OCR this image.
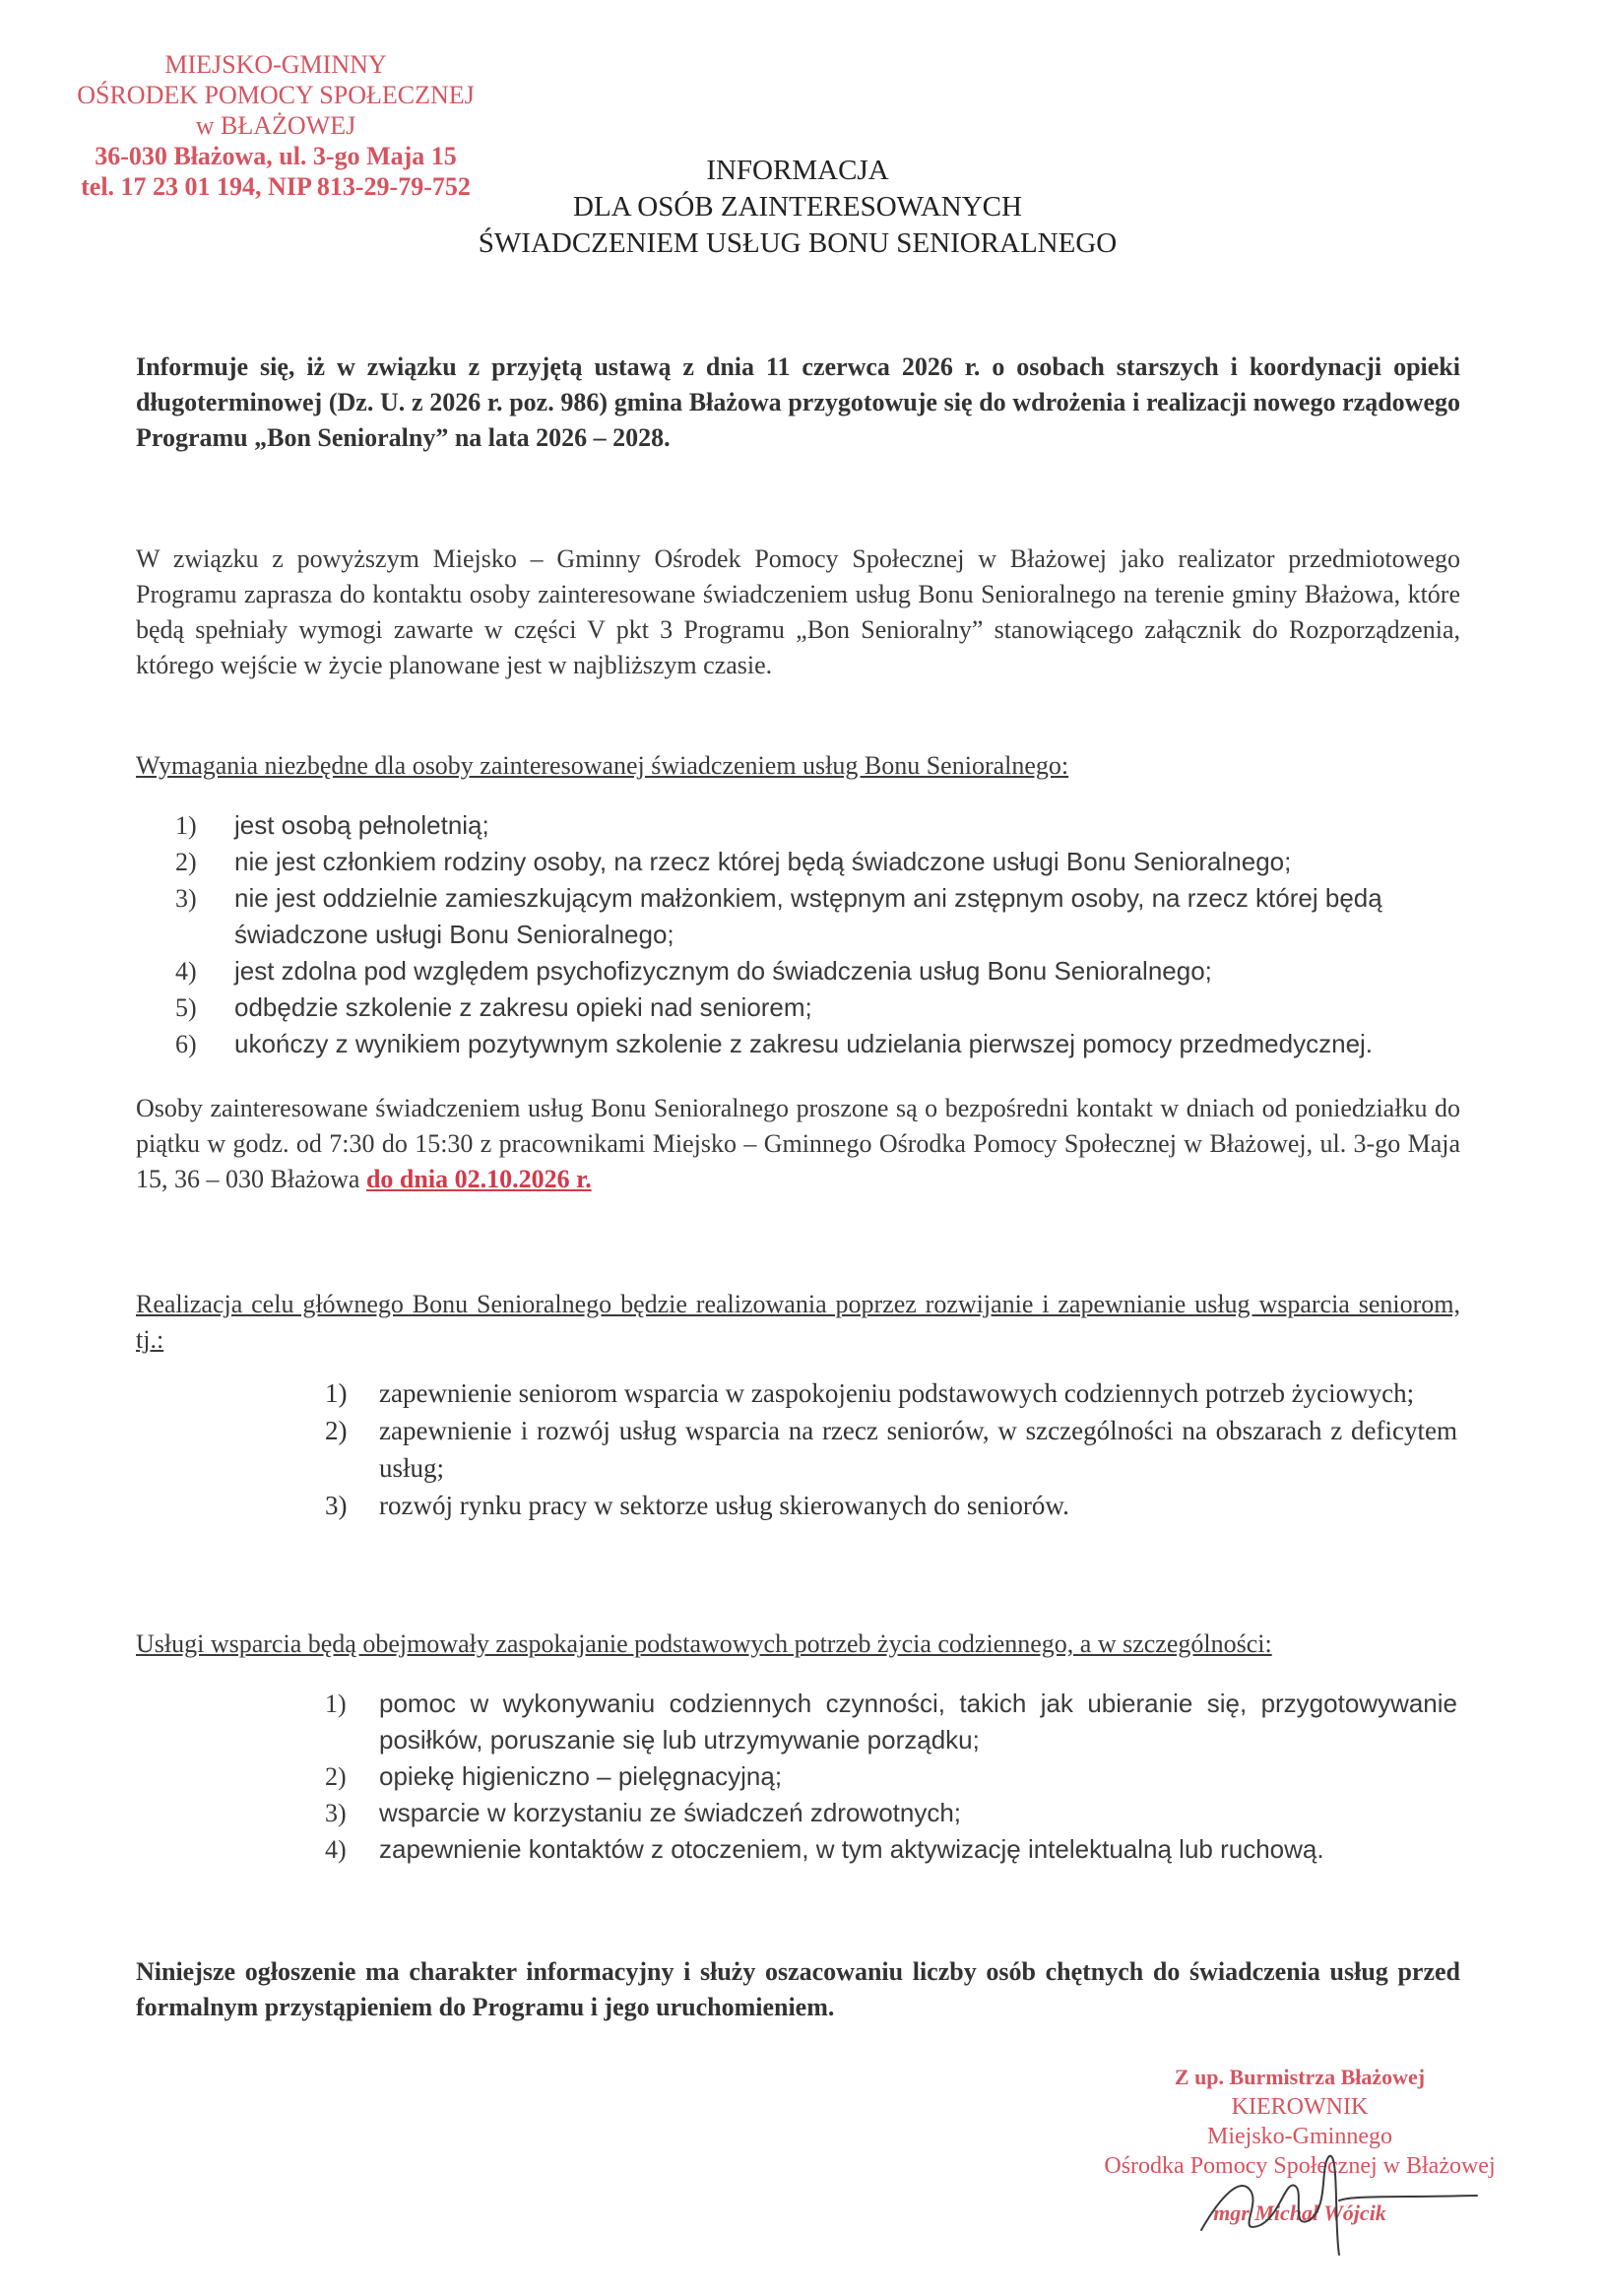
MIEJSKO-GMINNY
OŚRODEK POMOCY SPOŁECZNEJ
w BŁAŻOWEJ
36-030 Błażowa, ul. 3-go Maja 15
tel. 17 23 01 194, NIP 813-29-79-752
INFORMACJA
DLA OSÓB ZAINTERESOWANYCH
ŚWIADCZENIEM USŁUG BONU SENIORALNEGO
Informuje się, iż w związku z przyjętą ustawą z dnia 11 czerwca 2026 r. o osobach starszych i koordynacji opieki długoterminowej (Dz. U. z 2026 r. poz. 986) gmina Błażowa przygotowuje się do wdrożenia i realizacji nowego rządowego Programu „Bon Senioralny” na lata 2026 – 2028.
W związku z powyższym Miejsko – Gminny Ośrodek Pomocy Społecznej w Błażowej jako realizator przedmiotowego Programu zaprasza do kontaktu osoby zainteresowane świadczeniem usług Bonu Senioralnego na terenie gminy Błażowa, które będą spełniały wymogi zawarte w części V pkt 3 Programu „Bon Senioralny” stanowiącego załącznik do Rozporządzenia, którego wejście w życie planowane jest w najbliższym czasie.
Wymagania niezbędne dla osoby zainteresowanej świadczeniem usług Bonu Senioralnego:
1) jest osobą pełnoletnią;
2) nie jest członkiem rodziny osoby, na rzecz której będą świadczone usługi Bonu Senioralnego;
3) nie jest oddzielnie zamieszkującym małżonkiem, wstępnym ani zstępnym osoby, na rzecz której będą świadczone usługi Bonu Senioralnego;
4) jest zdolna pod względem psychofizycznym do świadczenia usług Bonu Senioralnego;
5) odbędzie szkolenie z zakresu opieki nad seniorem;
6) ukończy z wynikiem pozytywnym szkolenie z zakresu udzielania pierwszej pomocy przedmedycznej.
Osoby zainteresowane świadczeniem usług Bonu Senioralnego proszone są o bezpośredni kontakt w dniach od poniedziałku do piątku w godz. od 7:30 do 15:30 z pracownikami Miejsko – Gminnego Ośrodka Pomocy Społecznej w Błażowej, ul. 3-go Maja 15, 36 – 030 Błażowa do dnia 02.10.2026 r.
Realizacja celu głównego Bonu Senioralnego będzie realizowania poprzez rozwijanie i zapewnianie usług wsparcia seniorom, tj.:
1) zapewnienie seniorom wsparcia w zaspokojeniu podstawowych codziennych potrzeb życiowych;
2) zapewnienie i rozwój usług wsparcia na rzecz seniorów, w szczególności na obszarach z deficytem usług;
3) rozwój rynku pracy w sektorze usług skierowanych do seniorów.
Usługi wsparcia będą obejmowały zaspokajanie podstawowych potrzeb życia codziennego, a w szczególności:
1) pomoc w wykonywaniu codziennych czynności, takich jak ubieranie się, przygotowywanie posiłków, poruszanie się lub utrzymywanie porządku;
2) opiekę higieniczno – pielęgnacyjną;
3) wsparcie w korzystaniu ze świadczeń zdrowotnych;
4) zapewnienie kontaktów z otoczeniem, w tym aktywizację intelektualną lub ruchową.
Niniejsze ogłoszenie ma charakter informacyjny i służy oszacowaniu liczby osób chętnych do świadczenia usług przed formalnym przystąpieniem do Programu i jego uruchomieniem.
Z up. Burmistrza Błażowej
KIEROWNIK
Miejsko-Gminnego
Ośrodka Pomocy Społecznej w Błażowej
mgr Michał Wójcik
